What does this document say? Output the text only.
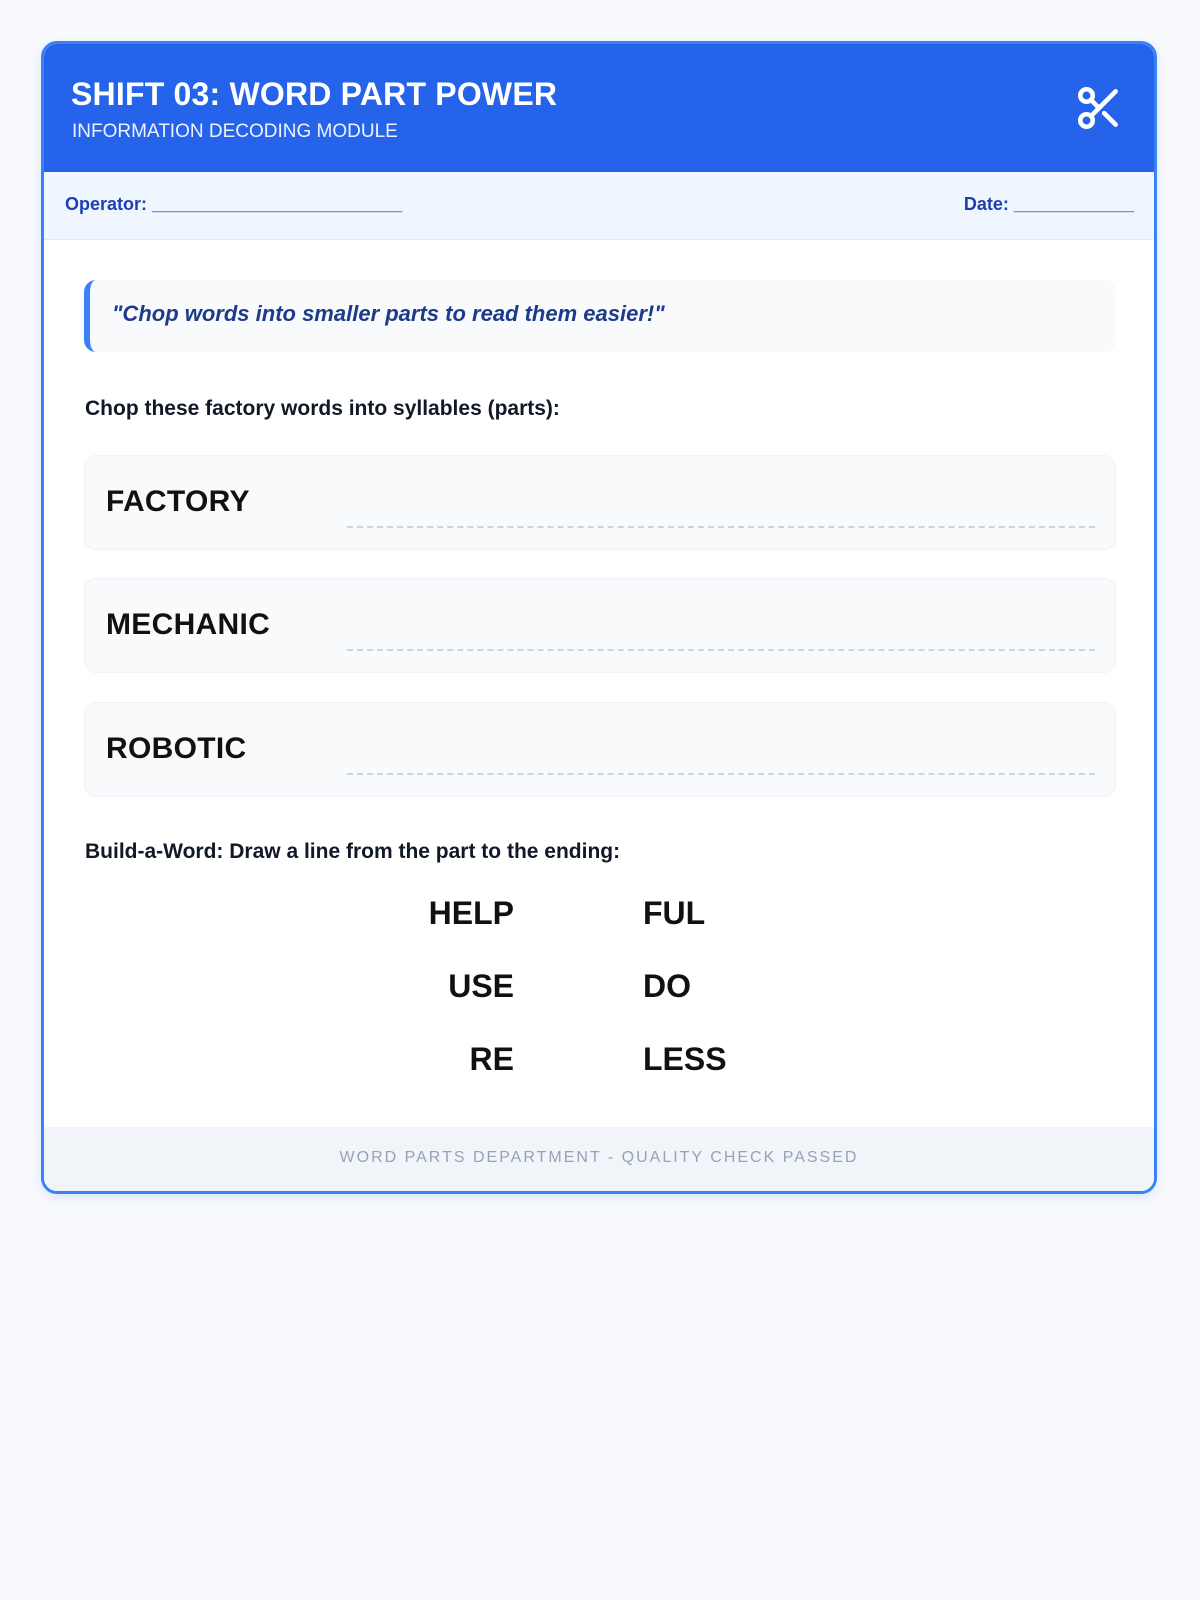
SHIFT 03: WORD PART POWER
INFORMATION DECODING MODULE
Operator: _________________________	Date: ____________
"Chop words into smaller parts to read them easier!"
Chop these factory words into syllables (parts):
FACTORY
MECHANIC
ROBOTIC
Build-a-Word: Draw a line from the part to the ending:
HELP
USE
RE
FUL
DO
LESS
WORD PARTS DEPARTMENT - QUALITY CHECK PASSED
